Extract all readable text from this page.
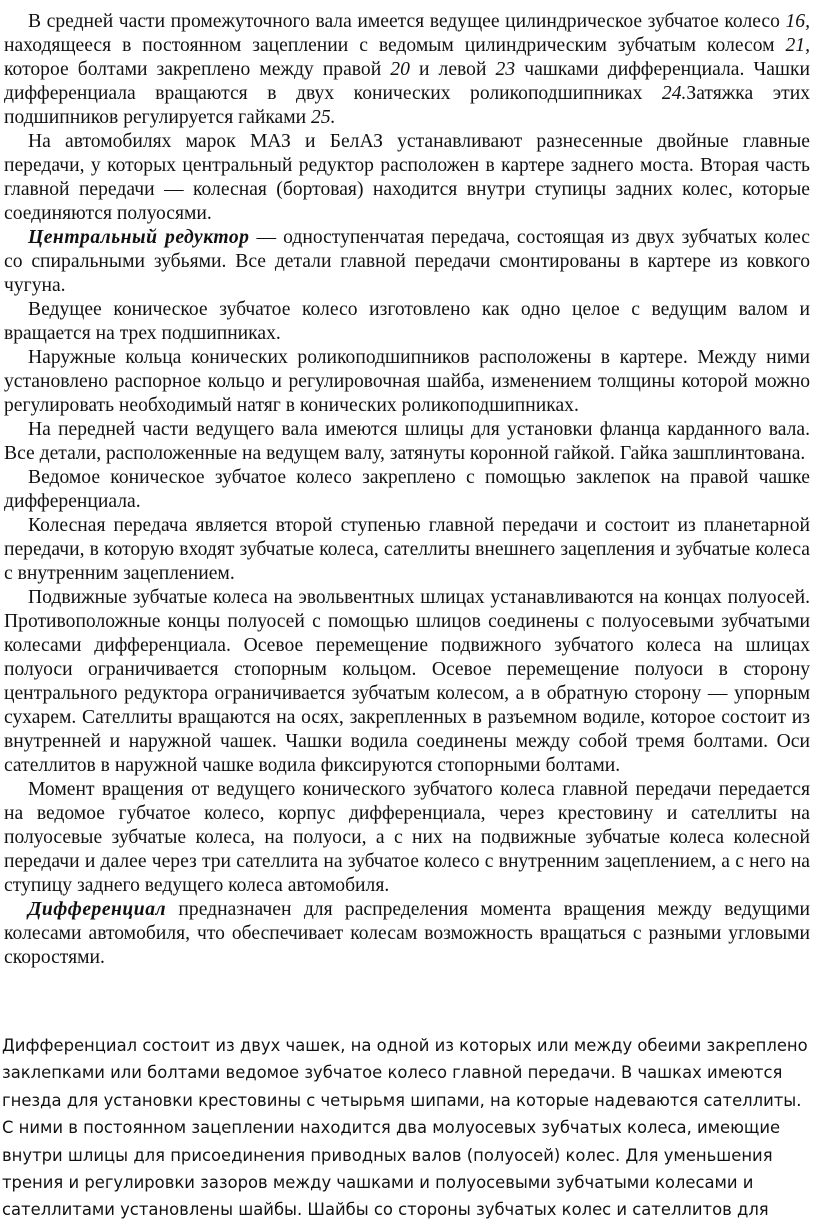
В средней части промежуточного вала имеется ведущее цилиндрическое зубчатое колесо 16, находящееся в постоянном зацеплении с ведомым цилиндрическим зубчатым колесом 21, которое болтами закреплено между правой 20 и левой 23 чашками дифференциала. Чашки дифференциала вращаются в двух конических роликоподшипниках 24.Затяжка этих подшипников регулируется гайками 25.

На автомобилях марок МАЗ и БелАЗ устанавливают разнесенные двойные главные передачи, у которых центральный редуктор расположен в картере заднего моста. Вторая часть главной передачи — колесная (бортовая) находится внутри ступицы задних колес, которые соединяются полуосями.

Центральный редуктор — одноступенчатая передача, состоящая из двух зубчатых колес со спиральными зубьями. Все детали главной передачи смонтированы в картере из ковкого чугуна.

Ведущее коническое зубчатое колесо изготовлено как одно целое с ведущим валом и вращается на трех подшипниках.

Наружные кольца конических роликоподшипников расположены в картере. Между ними установлено распорное кольцо и регулировочная шайба, изменением толщины которой можно регулировать необходимый натяг в конических роликоподшипниках.

На передней части ведущего вала имеются шлицы для установки фланца карданного вала. Все детали, расположенные на ведущем валу, затянуты коронной гайкой. Гайка зашплинтована.

Ведомое коническое зубчатое колесо закреплено с помощью заклепок на правой чашке дифференциала.

Колесная передача является второй ступенью главной передачи и состоит из планетарной передачи, в которую входят зубчатые колеса, сателлиты внешнего зацепления и зубчатые колеса с внутренним зацеплением.

Подвижные зубчатые колеса на эвольвентных шлицах устанавливаются на концах полуосей. Противоположные концы полуосей с помощью шлицов соединены с полуосевыми зубчатыми колесами дифференциала. Осевое перемещение подвижного зубчатого колеса на шлицах полуоси ограничивается стопорным кольцом. Осевое перемещение полуоси в сторону центрального редуктора ограничивается зубчатым колесом, а в обратную сторону — упорным сухарем. Сателлиты вращаются на осях, закрепленных в разъемном водиле, которое состоит из внутренней и наружной чашек. Чашки водила соединены между собой тремя болтами. Оси сателлитов в наружной чашке водила фиксируются стопорными болтами.

Момент вращения от ведущего конического зубчатого колеса главной передачи передается на ведомое губчатое колесо, корпус дифференциала, через крестовину и сателлиты на полуосевые зубчатые колеса, на полуоси, а с них на подвижные зубчатые колеса колесной передачи и далее через три сателлита на зубчатое колесо с внутренним зацеплением, а с него на ступицу заднего ведущего колеса автомобиля.

Дифференциал предназначен для распределения момента вращения между ведущими колесами автомобиля, что обеспечивает колесам возможность вращаться с разными угловыми скоростями.

Дифференциал состоит из двух чашек, на одной из которых или между обеими закреплено
заклепками или болтами ведомое зубчатое колесо главной передачи. В чашках имеются
гнезда для установки крестовины с четырьмя шипами, на которые надеваются сателлиты.
С ними в постоянном зацеплении находится два молуосевых зубчатых колеса, имеющие
внутри шлицы для присоединения приводных валов (полуосей) колес. Для уменьшения
трения и регулировки зазоров между чашками и полуосевыми зубчатыми колесами и
сателлитами установлены шайбы. Шайбы со стороны зубчатых колес и сателлитов для
